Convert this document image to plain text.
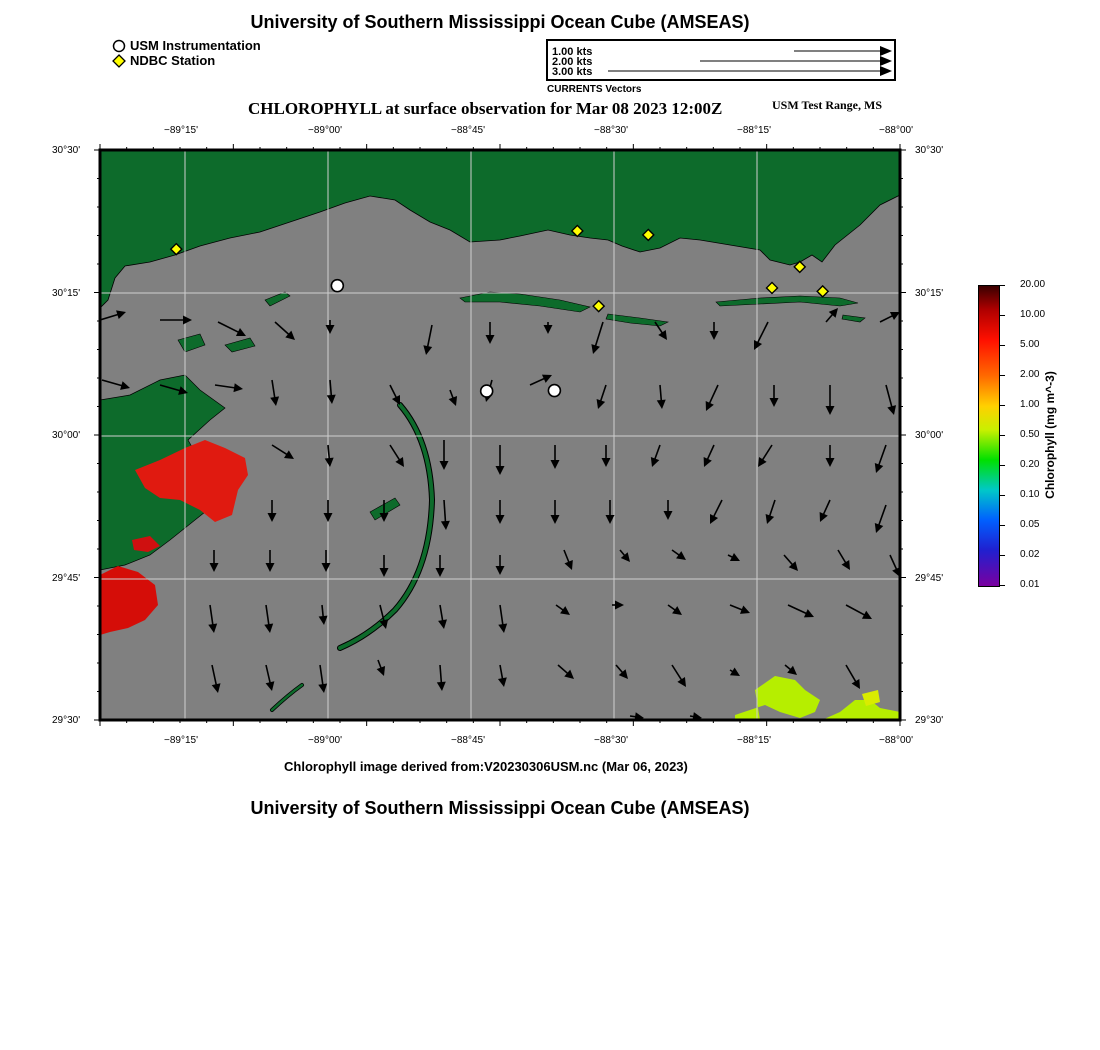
University of Southern Mississippi Ocean Cube (AMSEAS)
USM Instrumentation
NDBC Station
1.00 kts
2.00 kts
3.00 kts
CURRENTS Vectors
CHLOROPHYLL at surface observation for Mar 08 2023 12:00Z	USM Test Range, MS
−89°15'	−89°00'	−88°45'	−88°30'	−88°15'	−88°00'
−89°15'	−89°00'	−88°45'	−88°30'	−88°15'	−88°00'
30°30'
30°15'
30°00'
29°45'
29°30'
30°30'
30°15'
30°00'
29°45'
29°30'
20.00
10.00
5.00
2.00
1.00
0.50
0.20
0.10
0.05
0.02
0.01
Chlorophyll (mg m^-3)
Chlorophyll image derived from:V20230306USM.nc (Mar 06, 2023)
University of Southern Mississippi Ocean Cube (AMSEAS)
